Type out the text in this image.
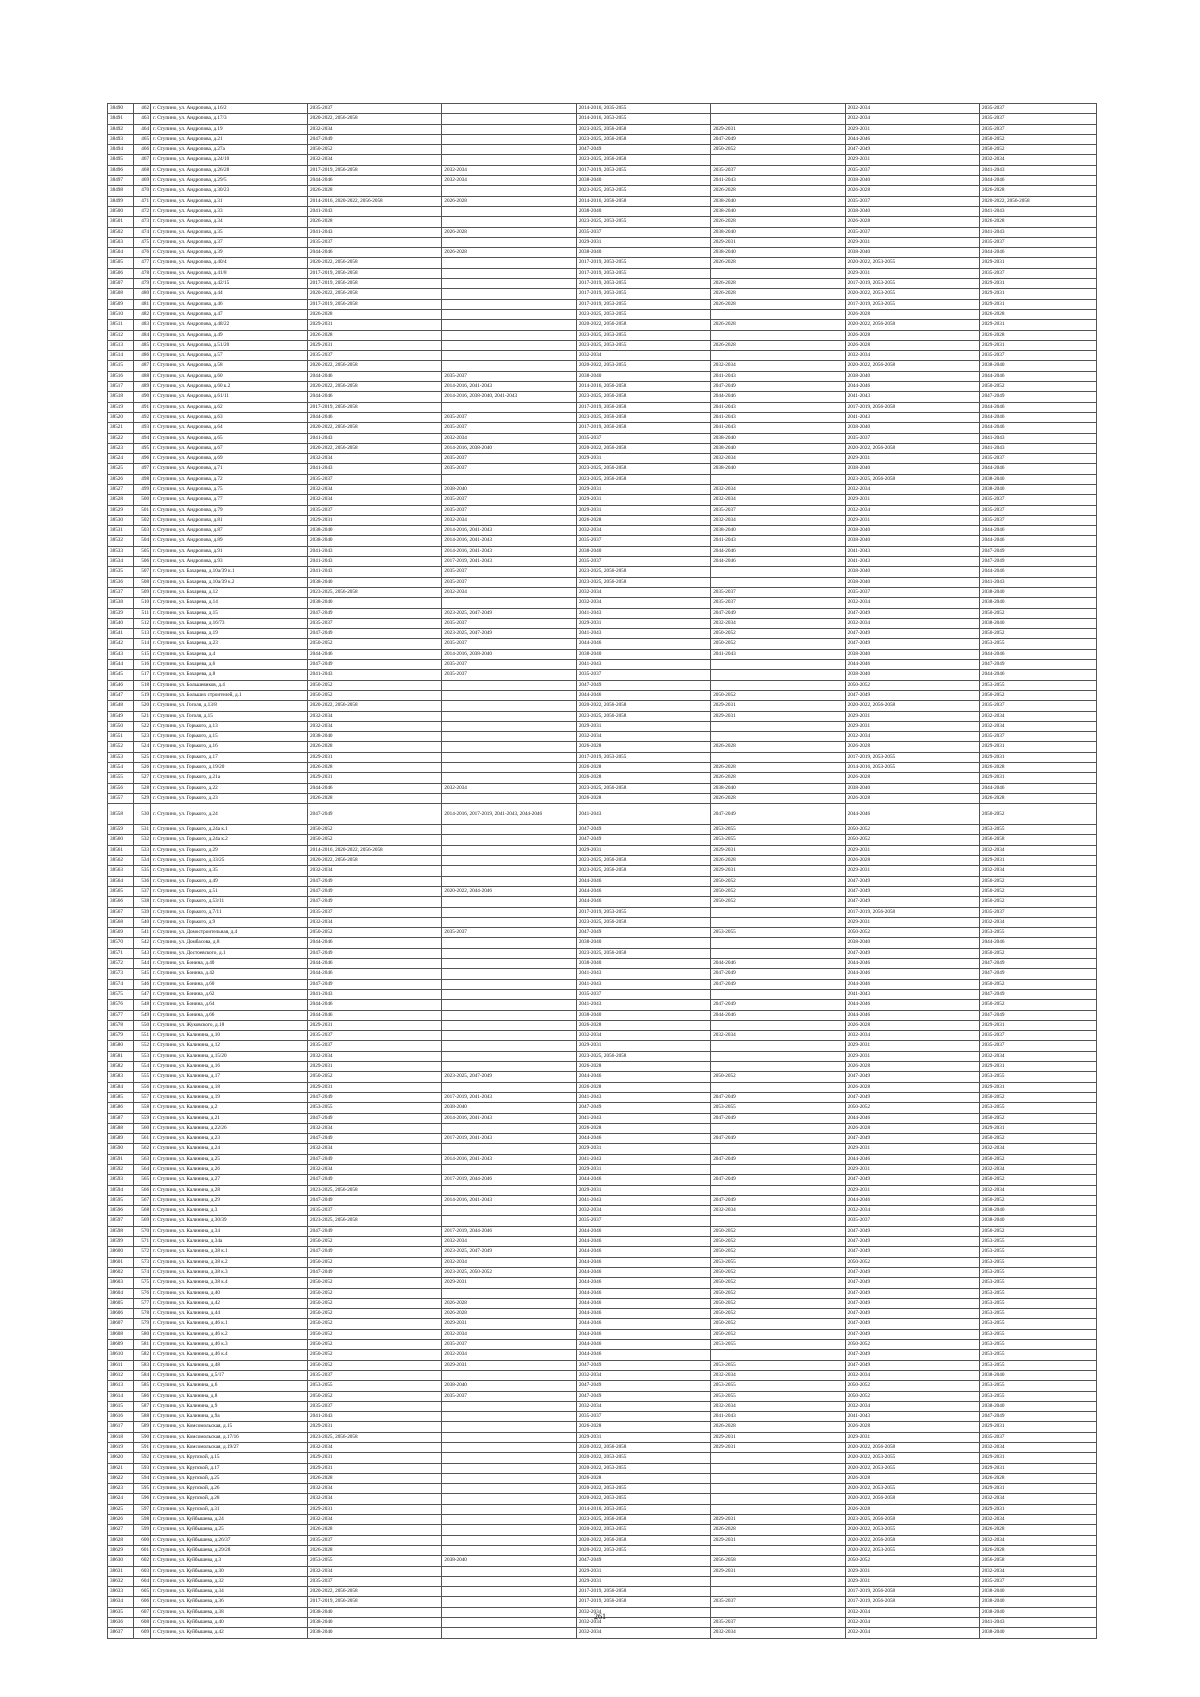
38490	462	г. Ступино, ул. Андропова, д.16/2	2035-2037		2014-2016, 2035-2055		2032-2034	2035-2037
38491	463	г. Ступино, ул. Андропова, д.17/3	2020-2022, 2056-2058		2014-2016, 2053-2055		2032-2034	2035-2037
38492	464	г. Ступино, ул. Андропова, д.19	2032-2034		2023-2025, 2056-2058	2029-2031	2029-2031	2035-2037
38493	465	г. Ступино, ул. Андропова, д.21	2047-2049		2023-2025, 2056-2058	2047-2049	2044-2046	2050-2052
38494	466	г. Ступино, ул. Андропова, д.27а	2050-2052		2047-2049	2050-2052	2047-2049	2050-2052
38495	467	г. Ступино, ул. Андропова, д.24/10	2032-2034		2023-2025, 2056-2058		2029-2031	2032-2034
38496	468	г. Ступино, ул. Андропова, д.26/28	2017-2019, 2056-2058	2032-2034	2017-2019, 2053-2055	2035-2037	2035-2037	2041-2043
38497	469	г. Ступино, ул. Андропова, д.29/5	2044-2046	2032-2034	2038-2040	2041-2043	2038-2040	2044-2046
38498	470	г. Ступино, ул. Андропова, д.30/23	2026-2028		2023-2025, 2053-2055	2026-2028	2026-2028	2026-2028
38499	471	г. Ступино, ул. Андропова, д.31	2014-2016, 2020-2022, 2056-2058	2026-2028	2014-2016, 2056-2058	2038-2040	2035-2037	2020-2022, 2056-2058
38500	472	г. Ступино, ул. Андропова, д.33	2041-2043		2038-2040	2038-2040	2038-2040	2041-2043
38501	473	г. Ступино, ул. Андропова, д.34	2026-2028		2023-2025, 2053-2055	2026-2028	2026-2028	2026-2028
38502	474	г. Ступино, ул. Андропова, д.35	2041-2043	2026-2028	2035-2037	2038-2040	2035-2037	2041-2043
38503	475	г. Ступино, ул. Андропова, д.37	2035-2037		2029-2031	2029-2031	2029-2031	2035-2037
38504	476	г. Ступино, ул. Андропова, д.39	2044-2046	2026-2028	2038-2040	2038-2040	2038-2040	2044-2046
38505	477	г. Ступино, ул. Андропова, д.40/4	2020-2022, 2056-2058		2017-2019, 2053-2055	2026-2028	2020-2022, 2053-2055	2029-2031
38506	478	г. Ступино, ул. Андропова, д.41/8	2017-2019, 2056-2058		2017-2019, 2053-2055		2029-2031	2035-2037
38507	479	г. Ступино, ул. Андропова, д.42/15	2017-2019, 2056-2058		2017-2019, 2053-2055	2026-2028	2017-2019, 2053-2055	2029-2031
38508	480	г. Ступино, ул. Андропова, д.44	2020-2022, 2056-2058		2017-2019, 2053-2055	2026-2028	2020-2022, 2053-2055	2029-2031
38509	481	г. Ступино, ул. Андропова, д.46	2017-2019, 2056-2058		2017-2019, 2053-2055	2026-2028	2017-2019, 2053-2055	2029-2031
38510	482	г. Ступино, ул. Андропова, д.47	2026-2028		2023-2025, 2053-2055		2026-2028	2026-2028
38511	483	г. Ступино, ул. Андропова, д.48/22	2029-2031		2020-2022, 2056-2058	2026-2028	2020-2022, 2056-2058	2029-2031
38512	484	г. Ступино, ул. Андропова, д.49	2026-2028		2023-2025, 2053-2055		2026-2028	2026-2028
38513	485	г. Ступино, ул. Андропова, д.51/20	2029-2031		2023-2025, 2053-2055	2026-2028	2026-2028	2029-2031
38514	486	г. Ступино, ул. Андропова, д.57	2035-2037		2032-2034		2032-2034	2035-2037
38515	487	г. Ступино, ул. Андропова, д.58	2020-2022, 2056-2058		2020-2022, 2053-2055	2032-2034	2020-2022, 2056-2058	2038-2040
38516	488	г. Ступино, ул. Андропова, д.60	2044-2046	2035-2037	2038-2040	2041-2043	2038-2040	2044-2046
38517	489	г. Ступино, ул. Андропова, д.60 к.2	2020-2022, 2056-2058	2014-2016, 2041-2043	2014-2016, 2056-2058	2047-2049	2044-2046	2050-2052
38518	490	г. Ступино, ул. Андропова, д.61/11	2044-2046	2014-2016, 2038-2040, 2041-2043	2023-2025, 2056-2058	2044-2046	2041-2043	2047-2049
38519	491	г. Ступино, ул. Андропова, д.62	2017-2019, 2056-2058		2017-2019, 2056-2058	2041-2043	2017-2019, 2056-2058	2044-2046
38520	492	г. Ступино, ул. Андропова, д.63	2044-2046	2035-2037	2023-2025, 2056-2058	2041-2043	2041-2043	2044-2046
38521	493	г. Ступино, ул. Андропова, д.64	2020-2022, 2056-2058	2035-2037	2017-2019, 2056-2058	2041-2043	2038-2040	2044-2046
38522	494	г. Ступино, ул. Андропова, д.65	2041-2043	2032-2034	2035-2037	2038-2040	2035-2037	2041-2043
38523	495	г. Ступино, ул. Андропова, д.67	2020-2022, 2056-2058	2014-2016, 2038-2040	2020-2022, 2056-2058	2038-2040	2020-2022, 2056-2058	2041-2043
38524	496	г. Ступино, ул. Андропова, д.69	2032-2034	2035-2037	2029-2031	2032-2034	2029-2031	2035-2037
38525	497	г. Ступино, ул. Андропова, д.71	2041-2043	2035-2037	2023-2025, 2056-2058	2038-2040	2038-2040	2044-2046
38526	498	г. Ступино, ул. Андропова, д.72	2035-2037		2023-2025, 2056-2058		2023-2025, 2056-2058	2038-2040
38527	499	г. Ступино, ул. Андропова, д.75	2032-2034	2038-2040	2029-2031	2032-2034	2032-2034	2038-2040
38528	500	г. Ступино, ул. Андропова, д.77	2032-2034	2035-2037	2029-2031	2032-2034	2029-2031	2035-2037
38529	501	г. Ступино, ул. Андропова, д.79	2035-2037	2035-2037	2029-2031	2035-2037	2032-2034	2035-2037
38530	502	г. Ступино, ул. Андропова, д.81	2029-2031	2032-2034	2026-2028	2032-2034	2029-2031	2035-2037
38531	503	г. Ступино, ул. Андропова, д.87	2038-2040	2014-2016, 2041-2043	2032-2034	2038-2040	2038-2040	2044-2046
38532	504	г. Ступино, ул. Андропова, д.89	2038-2040	2014-2016, 2041-2043	2035-2037	2041-2043	2038-2040	2044-2046
38533	505	г. Ступино, ул. Андропова, д.91	2041-2043	2014-2016, 2041-2043	2038-2040	2044-2046	2041-2043	2047-2049
38534	506	г. Ступино, ул. Андропова, д.93	2041-2043	2017-2019, 2041-2043	2035-2037	2044-2046	2041-2043	2047-2049
38535	507	г. Ступино, ул. Бахарева, д.10а/39 к.1	2041-2043	2035-2037	2023-2025, 2056-2058		2038-2040	2044-2046
38536	508	г. Ступино, ул. Бахарева, д.10а/39 к.2	2038-2040	2035-2037	2023-2025, 2056-2058		2038-2040	2041-2043
38537	509	г. Ступино, ул. Бахарева, д.12	2023-2025, 2056-2058	2032-2034	2032-2034	2035-2037	2035-2037	2038-2040
38538	510	г. Ступино, ул. Бахарева, д.14	2038-2040		2032-2034	2035-2037	2032-2034	2038-2040
38539	511	г. Ступино, ул. Бахарева, д.15	2047-2049	2023-2025, 2047-2049	2041-2043	2047-2049	2047-2049	2050-2052
38540	512	г. Ступино, ул. Бахарева, д.16/73	2035-2037	2035-2037	2029-2031	2032-2034	2032-2034	2038-2040
38541	513	г. Ступино, ул. Бахарева, д.19	2047-2049	2023-2025, 2047-2049	2041-2043	2050-2052	2047-2049	2050-2052
38542	514	г. Ступино, ул. Бахарева, д.23	2050-2052	2035-2037	2044-2046	2050-2052	2047-2049	2053-2055
38543	515	г. Ступино, ул. Бахарева, д.4	2044-2046	2014-2016, 2038-2040	2038-2040	2041-2043	2038-2040	2044-2046
38544	516	г. Ступино, ул. Бахарева, д.6	2047-2049	2035-2037	2041-2043		2044-2046	2047-2049
38545	517	г. Ступино, ул. Бахарева, д.8	2041-2043	2035-2037	2035-2037		2038-2040	2044-2046
38546	518	г. Ступино, ул. Большевиков, д.4	2050-2052		2047-2049		2050-2052	2053-2055
38547	519	г. Ступино, ул. Больших строителей, д.1	2050-2052		2044-2046	2050-2052	2047-2049	2050-2052
38548	520	г. Ступино, ул. Гоголя, д.13/8	2020-2022, 2056-2058		2020-2022, 2056-2058	2029-2031	2020-2022, 2056-2058	2035-2037
38549	521	г. Ступино, ул. Гоголя, д.15	2032-2034		2023-2025, 2056-2058	2029-2031	2029-2031	2032-2034
38550	522	г. Ступино, ул. Горького, д.13	2032-2034		2029-2031		2029-2031	2032-2034
38551	523	г. Ступино, ул. Горького, д.15	2038-2040		2032-2034		2032-2034	2035-2037
38552	524	г. Ступино, ул. Горького, д.16	2026-2028		2026-2028	2026-2028	2026-2028	2029-2031
38553	525	г. Ступино, ул. Горького, д.17	2029-2031		2017-2019, 2053-2055		2017-2019, 2053-2055	2029-2031
38554	526	г. Ступино, ул. Горького, д.19/20	2026-2028		2026-2028	2026-2028	2014-2016, 2053-2055	2026-2028
38555	527	г. Ступино, ул. Горького, д.21а	2029-2031		2026-2028	2026-2028	2026-2028	2029-2031
38556	528	г. Ступино, ул. Горького, д.22	2044-2046	2032-2034	2023-2025, 2056-2058	2038-2040	2038-2040	2044-2046
38557	529	г. Ступино, ул. Горького, д.23	2026-2028		2026-2028	2026-2028	2026-2028	2026-2028
38558	530	г. Ступино, ул. Горького, д.24	2047-2049	2014-2016, 2017-2019, 2041-2043, 2044-2046	2041-2043	2047-2049	2044-2046	2050-2052
38559	531	г. Ступино, ул. Горького, д.24а к.1	2050-2052		2047-2049	2053-2055	2050-2052	2053-2055
38560	532	г. Ступино, ул. Горького, д.24а к.2	2050-2052		2047-2049	2053-2055	2050-2052	2056-2058
38561	533	г. Ступино, ул. Горького, д.29	2014-2016, 2020-2022, 2056-2058		2029-2031	2029-2031	2029-2031	2032-2034
38562	534	г. Ступино, ул. Горького, д.33/25	2020-2022, 2056-2058		2023-2025, 2056-2058	2026-2028	2026-2028	2029-2031
38563	535	г. Ступино, ул. Горького, д.35	2032-2034		2023-2025, 2056-2058	2029-2031	2029-2031	2032-2034
38564	536	г. Ступино, ул. Горького, д.49	2047-2049		2044-2046	2050-2052	2047-2049	2050-2052
38565	537	г. Ступино, ул. Горького, д.51	2047-2049	2020-2022, 2044-2046	2044-2046	2050-2052	2047-2049	2050-2052
38566	538	г. Ступино, ул. Горького, д.53/11	2047-2049		2044-2046	2050-2052	2047-2049	2050-2052
38567	539	г. Ступино, ул. Горького, д.7/11	2035-2037		2017-2019, 2053-2055		2017-2019, 2056-2058	2035-2037
38568	540	г. Ступино, ул. Горького, д.9	2032-2034		2023-2025, 2056-2058		2029-2031	2032-2034
38569	541	г. Ступино, ул. Домостроительная, д.4	2050-2052	2035-2037	2047-2049	2053-2055	2050-2052	2053-2055
38570	542	г. Ступино, ул. Домбасова, д.8	2044-2046		2038-2040		2038-2040	2044-2046
38571	543	г. Ступино, ул. Достоевского, д.1	2047-2049		2023-2025, 2056-2058		2047-2049	2050-2052
38572	544	г. Ступино, ул. Бонина, д.40	2044-2046		2038-2040	2044-2046	2044-2046	2047-2049
38573	545	г. Ступино, ул. Бонина, д.42	2044-2046		2041-2043	2047-2049	2044-2046	2047-2049
38574	546	г. Ступино, ул. Бонина, д.60	2047-2049		2041-2043	2047-2049	2044-2046	2050-2052
38575	547	г. Ступино, ул. Бонина, д.62	2041-2043		2035-2037		2041-2043	2047-2049
38576	548	г. Ступино, ул. Бонина, д.64	2044-2046		2041-2043	2047-2049	2044-2046	2050-2052
38577	549	г. Ступино, ул. Бонина, д.66	2044-2046		2038-2040	2044-2046	2044-2046	2047-2049
38578	550	г. Ступино, ул. Жуковского, д.18	2029-2031		2026-2028		2026-2028	2029-2031
38579	551	г. Ступино, ул. Калинина, д.10	2035-2037		2032-2034	2032-2034	2032-2034	2035-2037
38580	552	г. Ступино, ул. Калинина, д.12	2035-2037		2029-2031		2029-2031	2035-2037
38581	553	г. Ступино, ул. Калинина, д.15/20	2032-2034		2023-2025, 2056-2058		2029-2031	2032-2034
38582	554	г. Ступино, ул. Калинина, д.16	2029-2031		2026-2028		2026-2028	2029-2031
38583	555	г. Ступино, ул. Калинина, д.17	2050-2052	2023-2025, 2047-2049	2044-2046	2050-2052	2047-2049	2053-2055
38584	556	г. Ступино, ул. Калинина, д.18	2029-2031		2026-2028		2026-2028	2029-2031
38585	557	г. Ступино, ул. Калинина, д.19	2047-2049	2017-2019, 2041-2043	2041-2043	2047-2049	2047-2049	2050-2052
38586	558	г. Ступино, ул. Калинина, д.2	2053-2055	2038-2040	2047-2049	2053-2055	2050-2052	2053-2055
38587	559	г. Ступино, ул. Калинина, д.21	2047-2049	2014-2016, 2041-2043	2041-2043	2047-2049	2044-2046	2050-2052
38588	560	г. Ступино, ул. Калинина, д.22/26	2032-2034		2026-2028		2026-2028	2029-2031
38589	561	г. Ступино, ул. Калинина, д.23	2047-2049	2017-2019, 2041-2043	2044-2046	2047-2049	2047-2049	2050-2052
38590	562	г. Ступино, ул. Калинина, д.24	2032-2034		2029-2031		2029-2031	2032-2034
38591	563	г. Ступино, ул. Калинина, д.25	2047-2049	2014-2016, 2041-2043	2041-2043	2047-2049	2044-2046	2050-2052
38592	564	г. Ступино, ул. Калинина, д.26	2032-2034		2029-2031		2029-2031	2032-2034
38593	565	г. Ступино, ул. Калинина, д.27	2047-2049	2017-2019, 2044-2046	2044-2046	2047-2049	2047-2049	2050-2052
38594	566	г. Ступино, ул. Калинина, д.28	2023-2025, 2056-2058		2029-2031		2029-2031	2032-2034
38595	567	г. Ступино, ул. Калинина, д.29	2047-2049	2014-2016, 2041-2043	2041-2043	2047-2049	2044-2046	2050-2052
38596	568	г. Ступино, ул. Калинина, д.3	2035-2037		2032-2034	2032-2034	2032-2034	2038-2040
38597	569	г. Ступино, ул. Калинина, д.30/39	2023-2025, 2056-2058		2035-2037		2035-2037	2038-2040
38598	570	г. Ступино, ул. Калинина, д.34	2047-2049	2017-2019, 2044-2046	2044-2046	2050-2052	2047-2049	2050-2052
38599	571	г. Ступино, ул. Калинина, д.34а	2050-2052	2032-2034	2044-2046	2050-2052	2047-2049	2053-2055
38600	572	г. Ступино, ул. Калинина, д.38 к.1	2047-2049	2023-2025, 2047-2049	2044-2046	2050-2052	2047-2049	2053-2055
38601	573	г. Ступино, ул. Калинина, д.38 к.2	2050-2052	2032-2034	2044-2046	2053-2055	2050-2052	2053-2055
38602	574	г. Ступино, ул. Калинина, д.38 к.3	2047-2049	2023-2025, 2050-2052	2044-2046	2050-2052	2047-2049	2053-2055
38603	575	г. Ступино, ул. Калинина, д.38 к.4	2050-2052	2029-2031	2044-2046	2050-2052	2047-2049	2053-2055
38604	576	г. Ступино, ул. Калинина, д.40	2050-2052		2044-2046	2050-2052	2047-2049	2053-2055
38605	577	г. Ступино, ул. Калинина, д.42	2050-2052	2026-2028	2044-2046	2050-2052	2047-2049	2053-2055
38606	578	г. Ступино, ул. Калинина, д.44	2050-2052	2026-2028	2044-2046	2050-2052	2047-2049	2053-2055
38607	579	г. Ступино, ул. Калинина, д.46 к.1	2050-2052	2029-2031	2044-2046	2050-2052	2047-2049	2053-2055
38608	580	г. Ступино, ул. Калинина, д.46 к.2	2050-2052	2032-2034	2044-2046	2050-2052	2047-2049	2053-2055
38609	581	г. Ступино, ул. Калинина, д.46 к.3	2050-2052	2035-2037	2044-2046	2053-2055	2050-2052	2053-2055
38610	582	г. Ступино, ул. Калинина, д.46 к.4	2050-2052	2032-2034	2044-2046		2047-2049	2053-2055
38611	583	г. Ступино, ул. Калинина, д.48	2050-2052	2029-2031	2047-2049	2053-2055	2047-2049	2053-2055
38612	584	г. Ступино, ул. Калинина, д.5/17	2035-2037		2032-2034	2032-2034	2032-2034	2038-2040
38613	585	г. Ступино, ул. Калинина, д.6	2053-2055	2038-2040	2047-2049	2053-2055	2050-2052	2053-2055
38614	586	г. Ступино, ул. Калинина, д.8	2050-2052	2035-2037	2047-2049	2053-2055	2050-2052	2053-2055
38615	587	г. Ступино, ул. Калинина, д.9	2035-2037		2032-2034	2032-2034	2032-2034	2038-2040
38616	588	г. Ступино, ул. Калинина, д.9а	2041-2043		2035-2037	2041-2043	2041-2043	2047-2049
38617	589	г. Ступино, ул. Комсомольская, д.15	2029-2031		2026-2028	2026-2028	2026-2028	2029-2031
38618	590	г. Ступино, ул. Комсомольская, д.17/16	2023-2025, 2056-2058		2029-2031	2029-2031	2029-2031	2035-2037
38619	591	г. Ступино, ул. Комсомольская, д.19/27	2032-2034		2020-2022, 2056-2058	2029-2031	2020-2022, 2056-2058	2032-2034
38620	592	г. Ступино, ул. Крупской, д.15	2029-2031		2020-2022, 2053-2055		2020-2022, 2053-2055	2029-2031
38621	593	г. Ступино, ул. Крупской, д.17	2029-2031		2020-2022, 2053-2055		2020-2022, 2053-2055	2029-2031
38622	594	г. Ступино, ул. Крупской, д.25	2026-2028		2026-2028		2026-2028	2026-2028
38623	595	г. Ступино, ул. Крупской, д.26	2032-2034		2020-2022, 2053-2055		2020-2022, 2053-2055	2029-2031
38624	596	г. Ступино, ул. Крупской, д.28	2032-2034		2020-2022, 2053-2055		2020-2022, 2056-2058	2032-2034
38625	597	г. Ступино, ул. Крупской, д.31	2029-2031		2014-2016, 2053-2055		2026-2028	2029-2031
38626	598	г. Ступино, ул. Куйбышева, д.24	2032-2034		2023-2025, 2056-2058	2029-2031	2023-2025, 2056-2058	2032-2034
38627	599	г. Ступино, ул. Куйбышева, д.25	2026-2028		2020-2022, 2053-2055	2026-2028	2020-2022, 2053-2055	2026-2028
38628	600	г. Ступино, ул. Куйбышева, д.26/37	2035-2037		2020-2022, 2056-2058	2029-2031	2020-2022, 2056-2058	2032-2034
38629	601	г. Ступино, ул. Куйбышева, д.29/28	2026-2028		2020-2022, 2053-2055		2020-2022, 2053-2055	2026-2028
38630	602	г. Ступино, ул. Куйбышева, д.3	2053-2055	2038-2040	2047-2049	2056-2058	2050-2052	2056-2058
38631	603	г. Ступино, ул. Куйбышева, д.30	2032-2034		2029-2031	2029-2031	2029-2031	2032-2034
38632	604	г. Ступино, ул. Куйбышева, д.32	2035-2037		2029-2031		2029-2031	2035-2037
38633	605	г. Ступино, ул. Куйбышева, д.34	2020-2022, 2056-2058		2017-2019, 2056-2058		2017-2019, 2056-2058	2038-2040
38634	606	г. Ступино, ул. Куйбышева, д.36	2017-2019, 2056-2058		2017-2019, 2056-2058	2035-2037	2017-2019, 2056-2058	2038-2040
38635	607	г. Ступино, ул. Куйбышева, д.38	2038-2040		2032-2034		2032-2034	2038-2040
38636	608	г. Ступино, ул. Куйбышева, д.40	2038-2040		2032-2034	2035-2037	2032-2034	2041-2043
38637	609	г. Ступино, ул. Куйбышева, д.42	2038-2040		2032-2034	2032-2034	2032-2034	2038-2040
261
